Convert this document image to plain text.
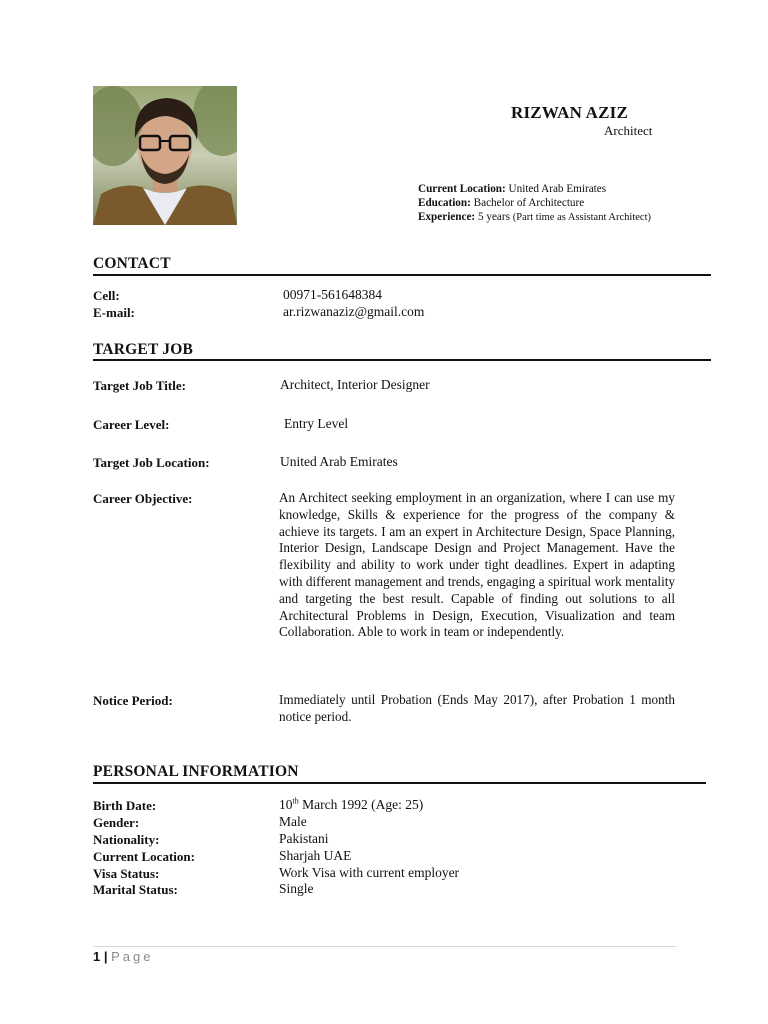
RIZWAN AZIZ
Architect
Current Location: United Arab Emirates
Education: Bachelor of Architecture
Experience: 5 years (Part time as Assistant Architect)
CONTACT
Cell:	00971-561648384
E-mail:	ar.rizwanaziz@gmail.com
TARGET JOB
Target Job Title:	Architect, Interior Designer
Career Level:	Entry Level
Target Job Location:	United Arab Emirates
Career Objective:	An Architect seeking employment in an organization, where I can use my knowledge, Skills & experience for the progress of the company & achieve its targets. I am an expert in Architecture Design, Space Planning, Interior Design, Landscape Design and Project Management. Have the flexibility and ability to work under tight deadlines. Expert in adapting with different management and trends, engaging a spiritual work mentality and targeting the best result. Capable of finding out solutions to all Architectural Problems in Design, Execution, Visualization and team Collaboration. Able to work in team or independently.
Notice Period:	Immediately until Probation (Ends May 2017), after Probation 1 month notice period.
PERSONAL INFORMATION
Birth Date:	10th March 1992 (Age: 25)
Gender:	Male
Nationality:	Pakistani
Current Location:	Sharjah UAE
Visa Status:	Work Visa with current employer
Marital Status:	Single
1 | Page
